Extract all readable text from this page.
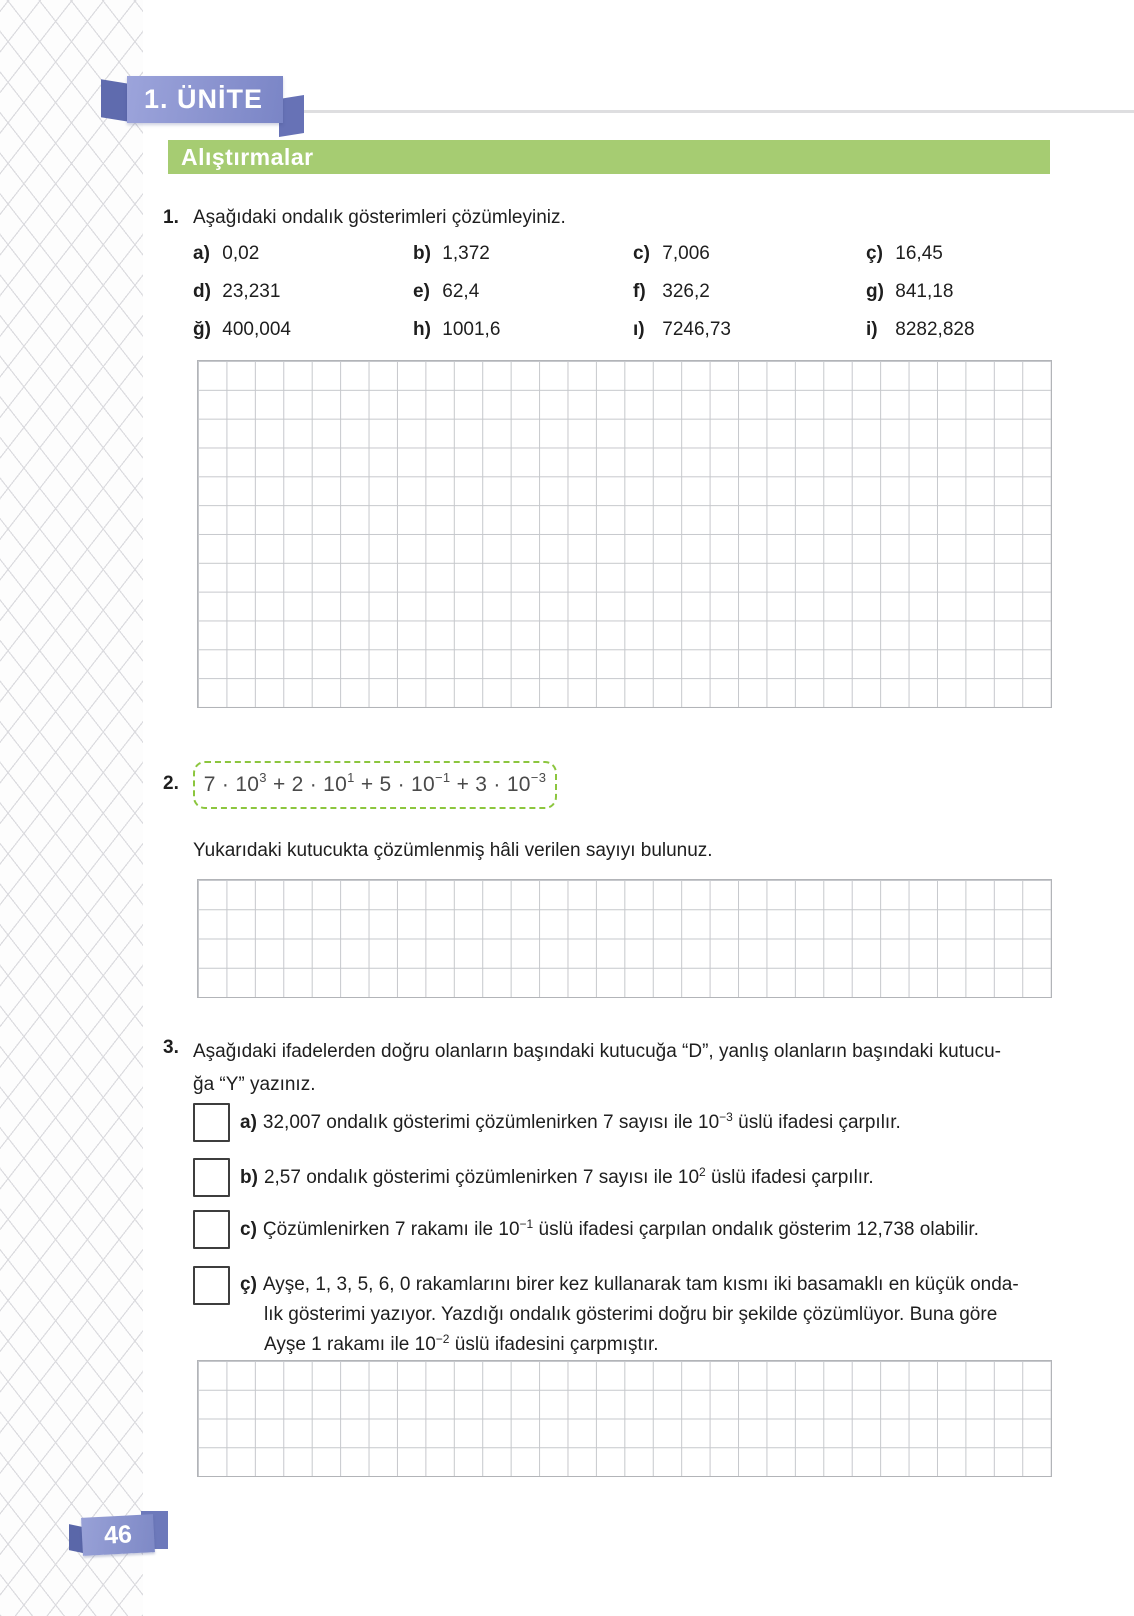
1. ÜNİTE
Alıştırmalar

1. Aşağıdaki ondalık gösterimleri çözümleyiniz.

a) 0,02	b) 1,372	c) 7,006	ç) 16,45
d) 23,231	e) 62,4	f) 326,2	g) 841,18
ğ) 400,004	h) 1001,6	ı) 7246,73	i) 8282,828

2. $7 \cdot 10^3 + 2 \cdot 10^1 + 5 \cdot 10^{-1} + 3 \cdot 10^{-3}$

Yukarıdaki kutucukta çözümlenmiş hâli verilen sayıyı bulunuz.

3. Aşağıdaki ifadelerden doğru olanların başındaki kutucuğa “D”, yanlış olanların başındaki kutucu-
ğa “Y” yazınız.

a) 32,007 ondalık gösterimi çözümlenirken 7 sayısı ile $10^{-3}$ üslü ifadesi çarpılır.

b) 2,57 ondalık gösterimi çözümlenirken 7 sayısı ile $10^2$ üslü ifadesi çarpılır.

c) Çözümlenirken 7 rakamı ile $10^{-1}$ üslü ifadesi çarpılan ondalık gösterim 12,738 olabilir.

ç) Ayşe, 1, 3, 5, 6, 0 rakamlarını birer kez kullanarak tam kısmı iki basamaklı en küçük onda-
lık gösterimi yazıyor. Yazdığı ondalık gösterimi doğru bir şekilde çözümlüyor. Buna göre
Ayşe 1 rakamı ile $10^{-2}$ üslü ifadesini çarpmıştır.

46
